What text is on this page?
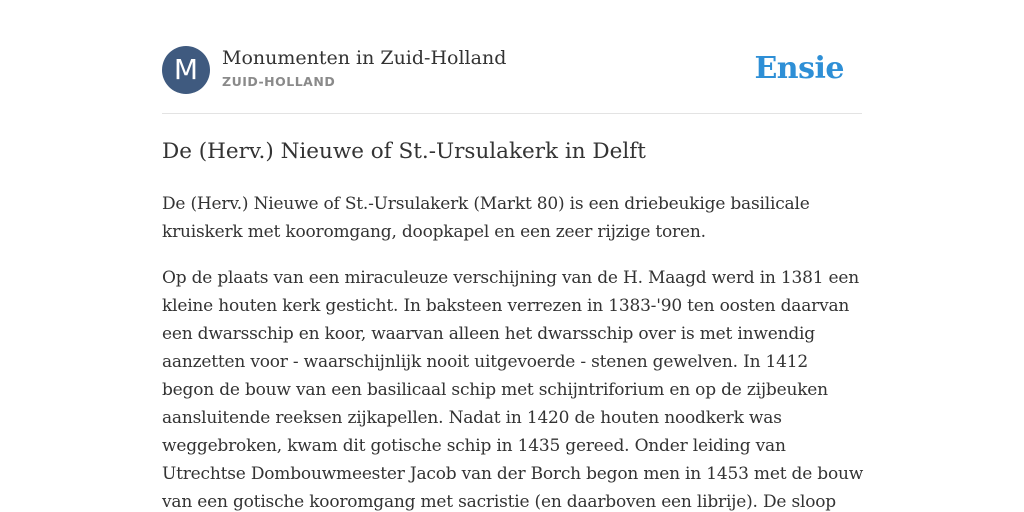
M	Monumenten in Zuid-Holland
ZUID-HOLLAND	Ensie
De (Herv.) Nieuwe of St.-Ursulakerk in Delft

De (Herv.) Nieuwe of St.-Ursulakerk (Markt 80) is een driebeukige basilicale
kruiskerk met kooromgang, doopkapel en een zeer rijzige toren.

Op de plaats van een miraculeuze verschijning van de H. Maagd werd in 1381 een
kleine houten kerk gesticht. In baksteen verrezen in 1383-'90 ten oosten daarvan
een dwarsschip en koor, waarvan alleen het dwarsschip over is met inwendig
aanzetten voor - waarschijnlijk nooit uitgevoerde - stenen gewelven. In 1412
begon de bouw van een basilicaal schip met schijntriforium en op de zijbeuken
aansluitende reeksen zijkapellen. Nadat in 1420 de houten noodkerk was
weggebroken, kwam dit gotische schip in 1435 gereed. Onder leiding van
Utrechtse Dombouwmeester Jacob van der Borch begon men in 1453 met de bouw
van een gotische kooromgang met sacristie (en daarboven een librije). De sloop
